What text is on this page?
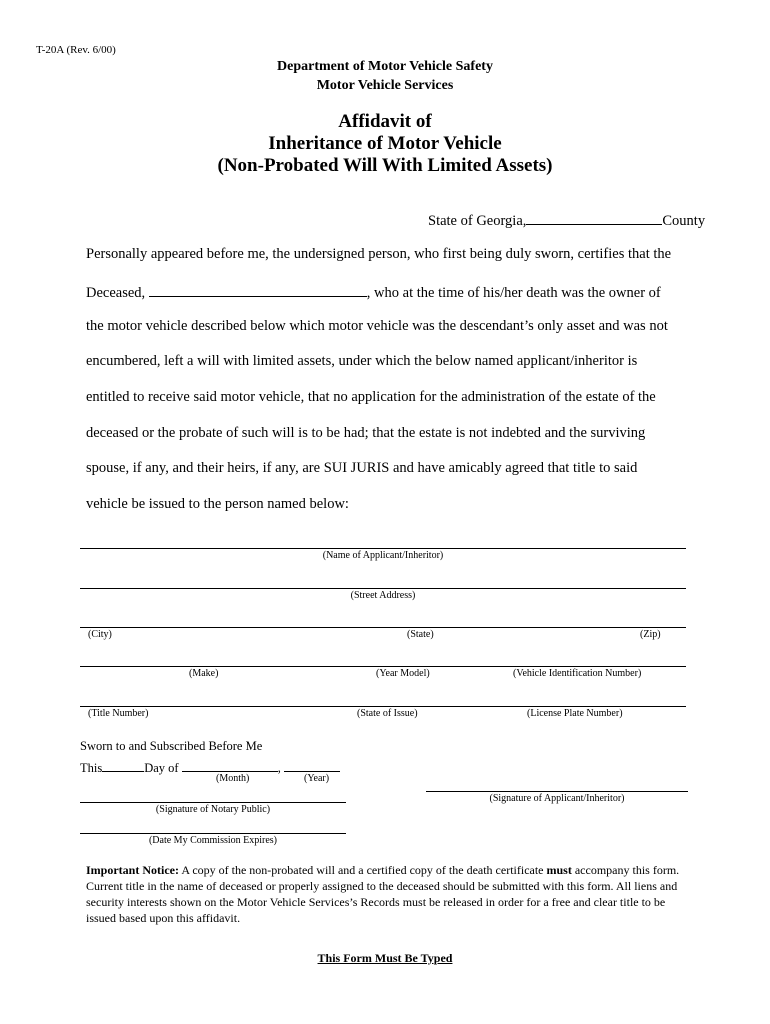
T-20A (Rev. 6/00)
Department of Motor Vehicle Safety
Motor Vehicle Services
Affidavit of
Inheritance of Motor Vehicle
(Non-Probated Will With Limited Assets)
State of Georgia,	County
Personally appeared before me, the undersigned person, who first being duly sworn, certifies that the
Deceased,	, who at the time of his/her death was the owner of
the motor vehicle described below which motor vehicle was the descendant’s only asset and was not
encumbered, left a will with limited assets, under which the below named applicant/inheritor is
entitled to receive said motor vehicle, that no application for the administration of the estate of the
deceased or the probate of such will is to be had; that the estate is not indebted and the surviving
spouse, if any, and their heirs, if any, are SUI JURIS and have amicably agreed that title to said
vehicle be issued to the person named below:
(Name of Applicant/Inheritor)
(Street Address)
(City)	(State)	(Zip)
(Make)	(Year Model)	(Vehicle Identification Number)
(Title Number)	(State of Issue)	(License Plate Number)
Sworn to and Subscribed Before Me
This	Day of	,
(Month)	(Year)
(Signature of Notary Public)
(Signature of Applicant/Inheritor)
(Date My Commission Expires)
Important Notice: A copy of the non-probated will and a certified copy of the death certificate must accompany this form. Current title in the name of deceased or properly assigned to the deceased should be submitted with this form. All liens and security interests shown on the Motor Vehicle Services’s Records must be released in order for a free and clear title to be issued based upon this affidavit.
This Form Must Be Typed
